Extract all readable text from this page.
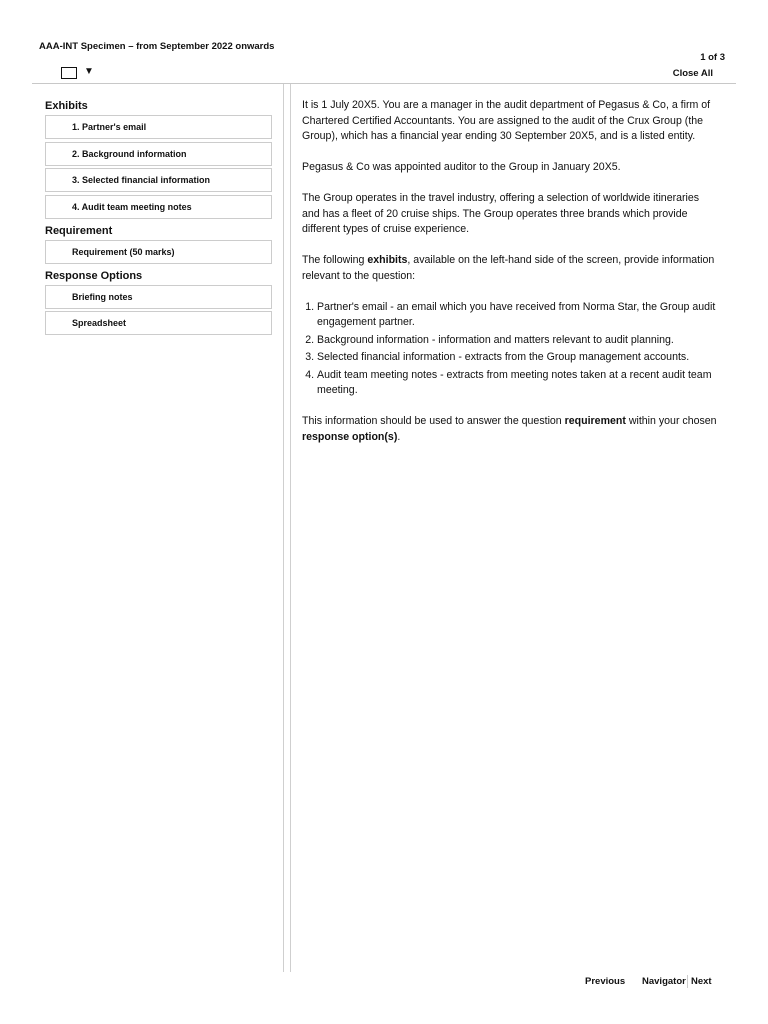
AAA-INT Specimen – from September 2022 onwards
1 of 3
▼	Close All
Exhibits
1. Partner's email
2. Background information
3. Selected financial information
4. Audit team meeting notes
Requirement
Requirement (50 marks)
Response Options
Briefing notes
Spreadsheet

It is 1 July 20X5. You are a manager in the audit department of Pegasus & Co, a firm of Chartered Certified Accountants. You are assigned to the audit of the Crux Group (the Group), which has a financial year ending 30 September 20X5, and is a listed entity.

Pegasus & Co was appointed auditor to the Group in January 20X5.

The Group operates in the travel industry, offering a selection of worldwide itineraries and has a fleet of 20 cruise ships. The Group operates three brands which provide different types of cruise experience.

The following exhibits, available on the left-hand side of the screen, provide information relevant to the question:

1. Partner's email - an email which you have received from Norma Star, the Group audit engagement partner.
2. Background information - information and matters relevant to audit planning.
3. Selected financial information - extracts from the Group management accounts.
4. Audit team meeting notes - extracts from meeting notes taken at a recent audit team meeting.

This information should be used to answer the question requirement within your chosen response option(s).

Previous Navigator Next
